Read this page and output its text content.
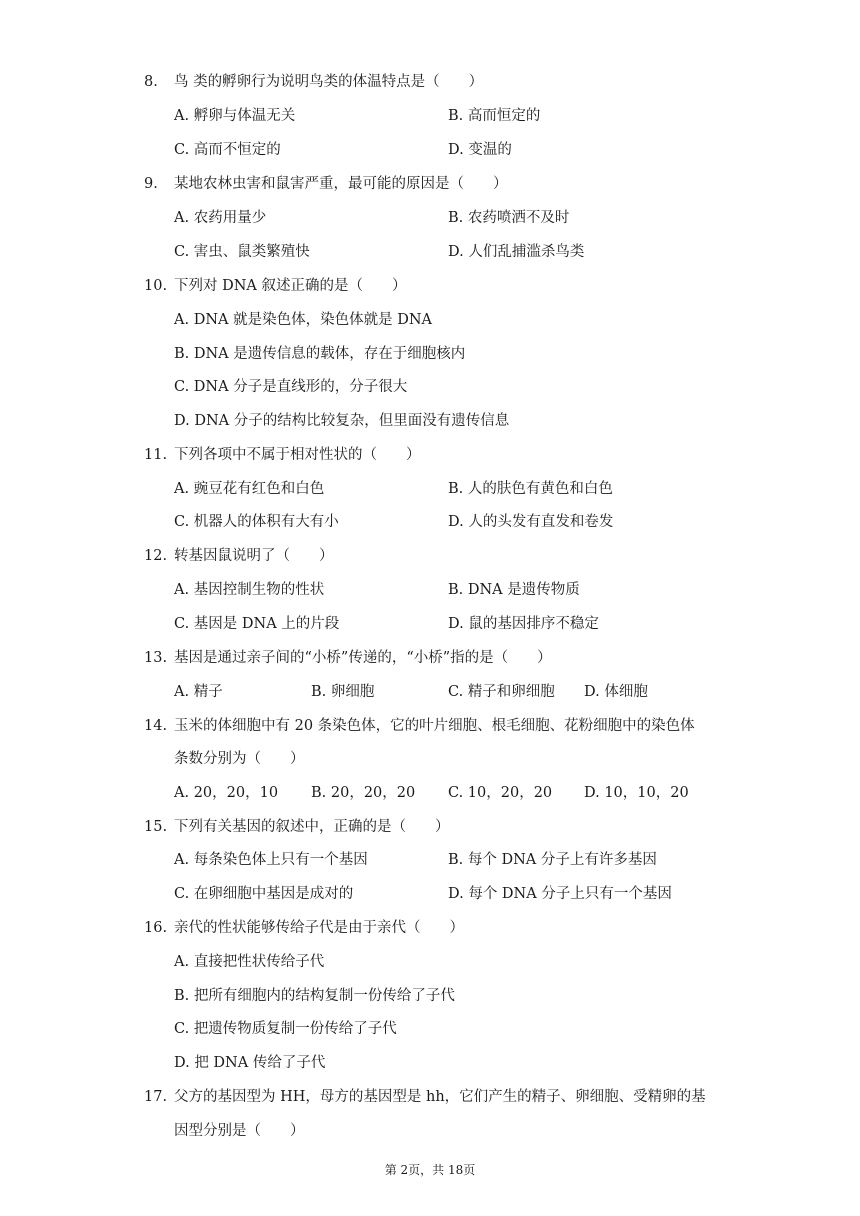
8. 鸟 类的孵卵行为说明鸟类的体温特点是（　　）
A. 孵卵与体温无关	B. 高而恒定的
C. 高而不恒定的	D. 变温的
9. 某地农林虫害和鼠害严重，最可能的原因是（　　）
A. 农药用量少	B. 农药喷洒不及时
C. 害虫、鼠类繁殖快	D. 人们乱捕滥杀鸟类
10. 下列对 DNA 叙述正确的是（　　）
A. DNA 就是染色体，染色体就是 DNA
B. DNA 是遗传信息的载体，存在于细胞核内
C. DNA 分子是直线形的，分子很大
D. DNA 分子的结构比较复杂，但里面没有遗传信息
11. 下列各项中不属于相对性状的（　　）
A. 豌豆花有红色和白色	B. 人的肤色有黄色和白色
C. 机器人的体积有大有小	D. 人的头发有直发和卷发
12. 转基因鼠说明了（　　）
A. 基因控制生物的性状	B. DNA 是遗传物质
C. 基因是 DNA 上的片段	D. 鼠的基因排序不稳定
13. 基因是通过亲子间的“小桥”传递的，“小桥”指的是（　　）
A. 精子	B. 卵细胞	C. 精子和卵细胞 D. 体细胞
14. 玉米的体细胞中有 20 条染色体，它的叶片细胞、根毛细胞、花粉细胞中的染色体
条数分别为（　　）
A. 20，20，10 B. 20，20，20 C. 10，20，20 D. 10，10，20
15. 下列有关基因的叙述中，正确的是（　　）
A. 每条染色体上只有一个基因	B. 每个 DNA 分子上有许多基因
C. 在卵细胞中基因是成对的	D. 每个 DNA 分子上只有一个基因
16. 亲代的性状能够传给子代是由于亲代（　　）
A. 直接把性状传给子代
B. 把所有细胞内的结构复制一份传给了子代
C. 把遗传物质复制一份传给了子代
D. 把 DNA 传给了子代
17. 父方的基因型为 HH，母方的基因型是 hh，它们产生的精子、卵细胞、受精卵的基
因型分别是（　　）
第 2页，共 18页
